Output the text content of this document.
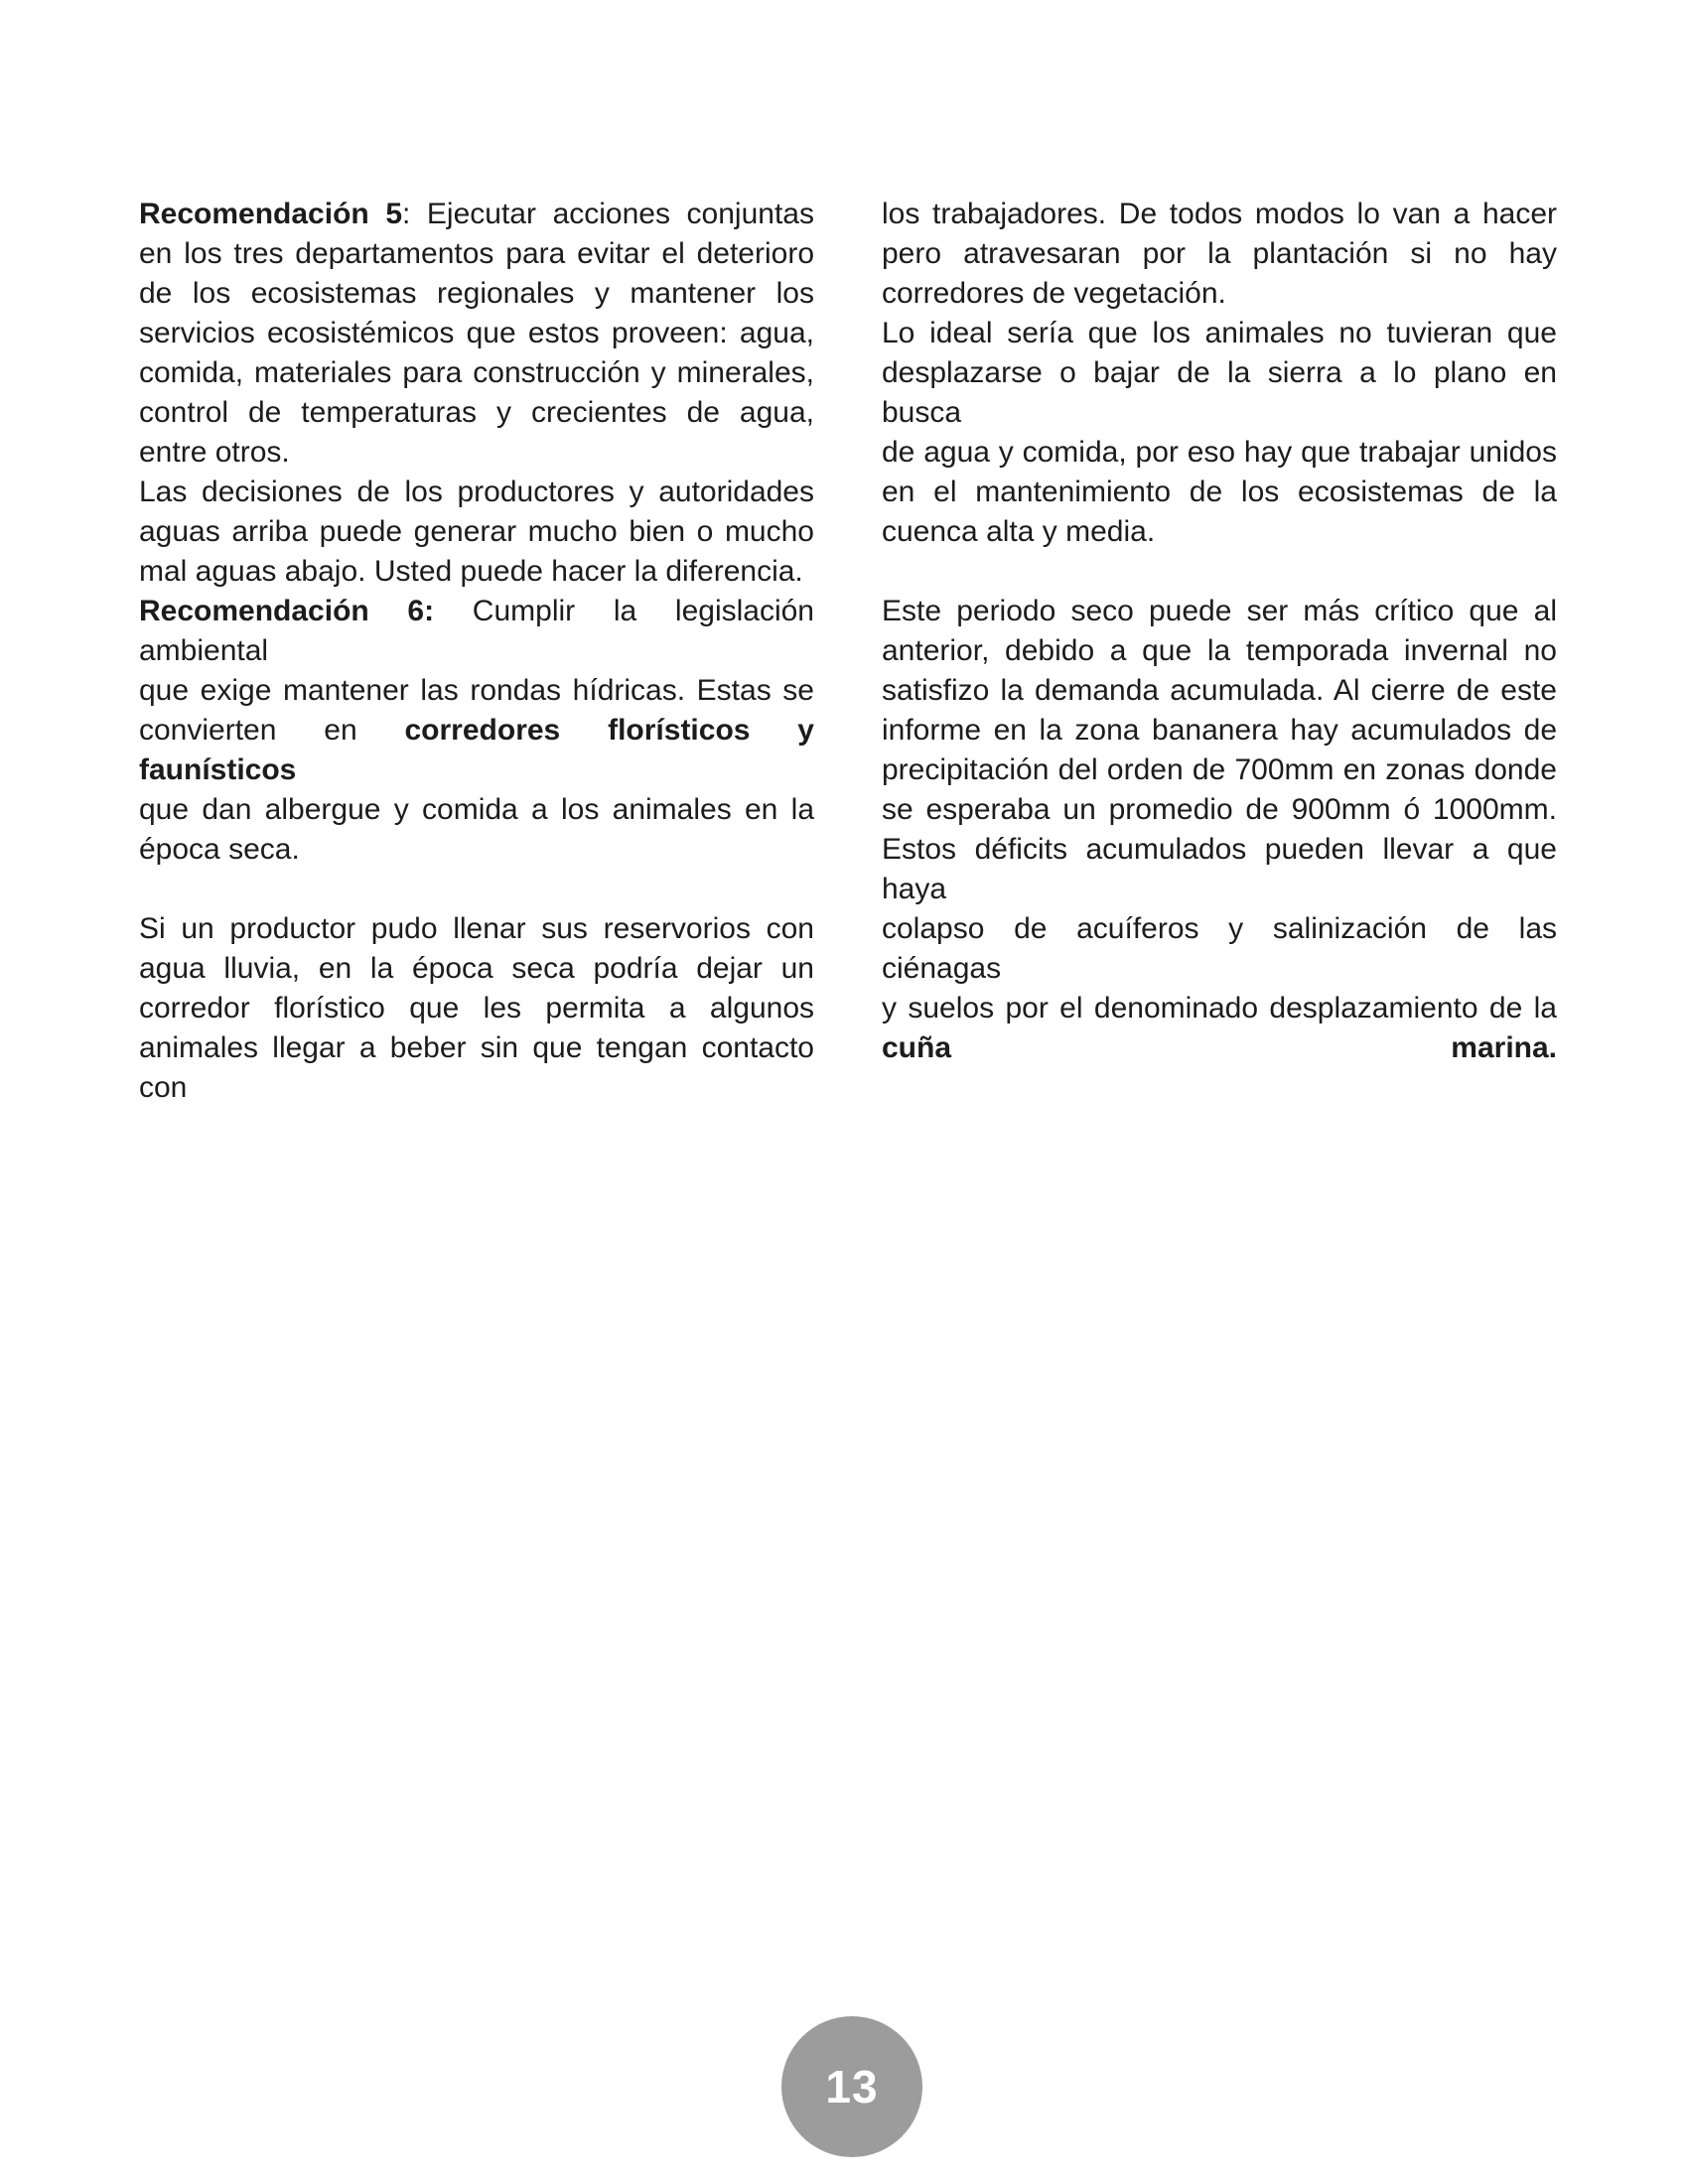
Recomendación 5: Ejecutar acciones conjuntas
en los tres departamentos para evitar el deterioro
de los ecosistemas regionales y mantener los
servicios ecosistémicos que estos proveen: agua,
comida, materiales para construcción y minerales,
control de temperaturas y crecientes de agua,
entre otros.
Las decisiones de los productores y autoridades
aguas arriba puede generar mucho bien o mucho
mal aguas abajo. Usted puede hacer la diferencia.
Recomendación 6: Cumplir la legislación ambiental
que exige mantener las rondas hídricas. Estas se
convierten en corredores florísticos y faunísticos
que dan albergue y comida a los animales en la
época seca.
Si un productor pudo llenar sus reservorios con
agua lluvia, en la época seca podría dejar un
corredor florístico que les permita a algunos
animales llegar a beber sin que tengan contacto con
los trabajadores. De todos modos lo van a hacer
pero atravesaran por la plantación si no hay
corredores de vegetación.
Lo ideal sería que los animales no tuvieran que
desplazarse o bajar de la sierra a lo plano en busca
de agua y comida, por eso hay que trabajar unidos
en el mantenimiento de los ecosistemas de la
cuenca alta y media.
Este periodo seco puede ser más crítico que al
anterior, debido a que la temporada invernal no
satisfizo la demanda acumulada. Al cierre de este
informe en la zona bananera hay acumulados de
precipitación del orden de 700mm en zonas donde
se esperaba un promedio de 900mm ó 1000mm.
Estos déficits acumulados pueden llevar a que haya
colapso de acuíferos y salinización de las ciénagas
y suelos por el denominado desplazamiento de la
cuña marina.
13
